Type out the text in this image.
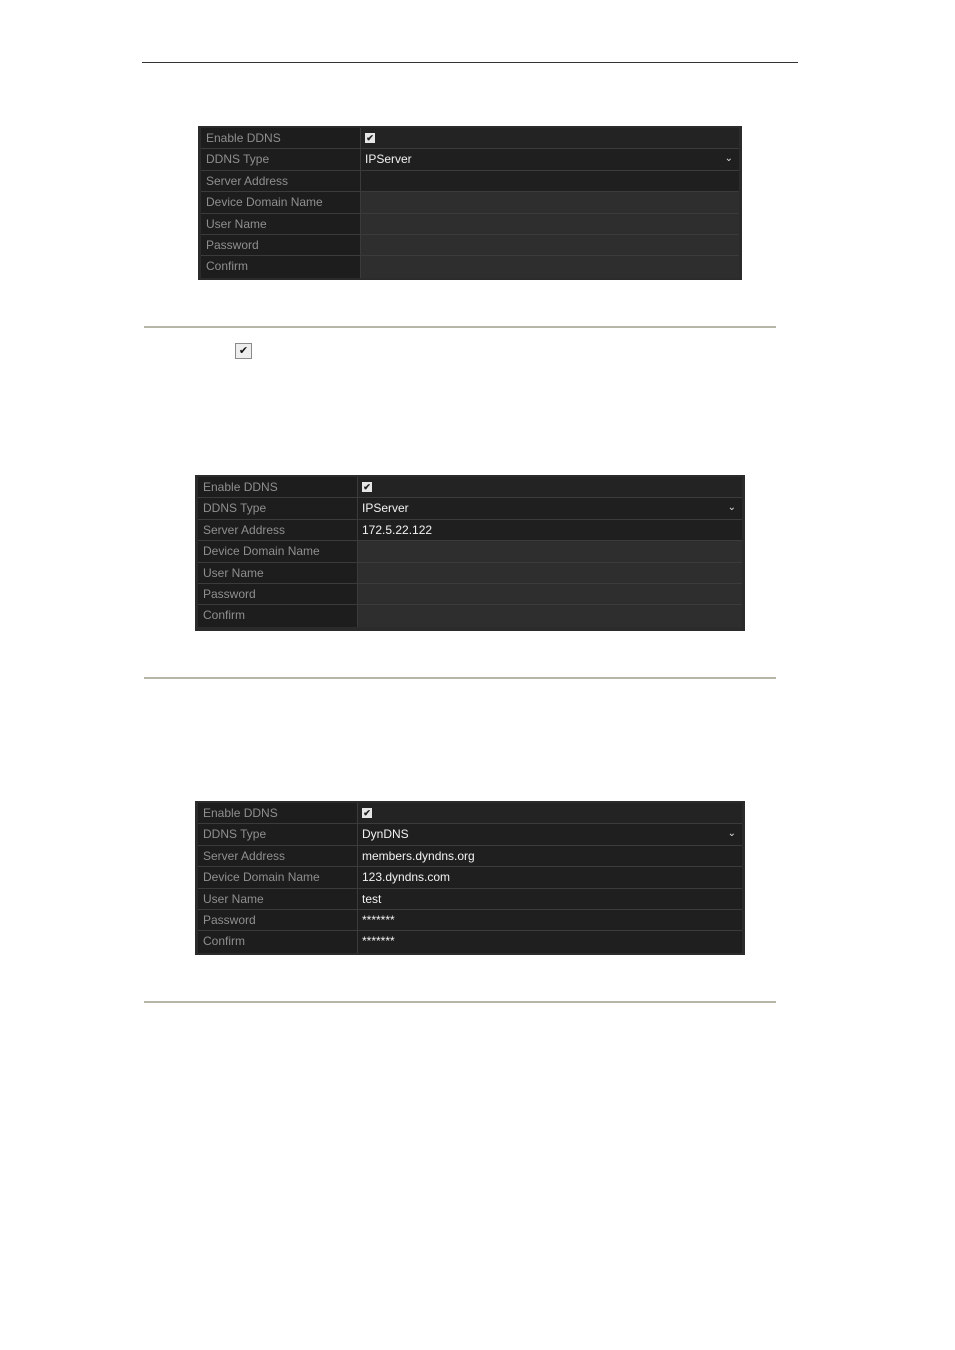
Enable DDNS	✔
DDNS Type	IPServer	⌄
Server Address
Device Domain Name
User Name
Password
Confirm
✔
Enable DDNS	✔
DDNS Type	IPServer	⌄
Server Address	172.5.22.122
Device Domain Name
User Name
Password
Confirm
Enable DDNS	✔
DDNS Type	DynDNS	⌄
Server Address	members.dyndns.org
Device Domain Name	123.dyndns.com
User Name	test
Password	*******
Confirm	*******
